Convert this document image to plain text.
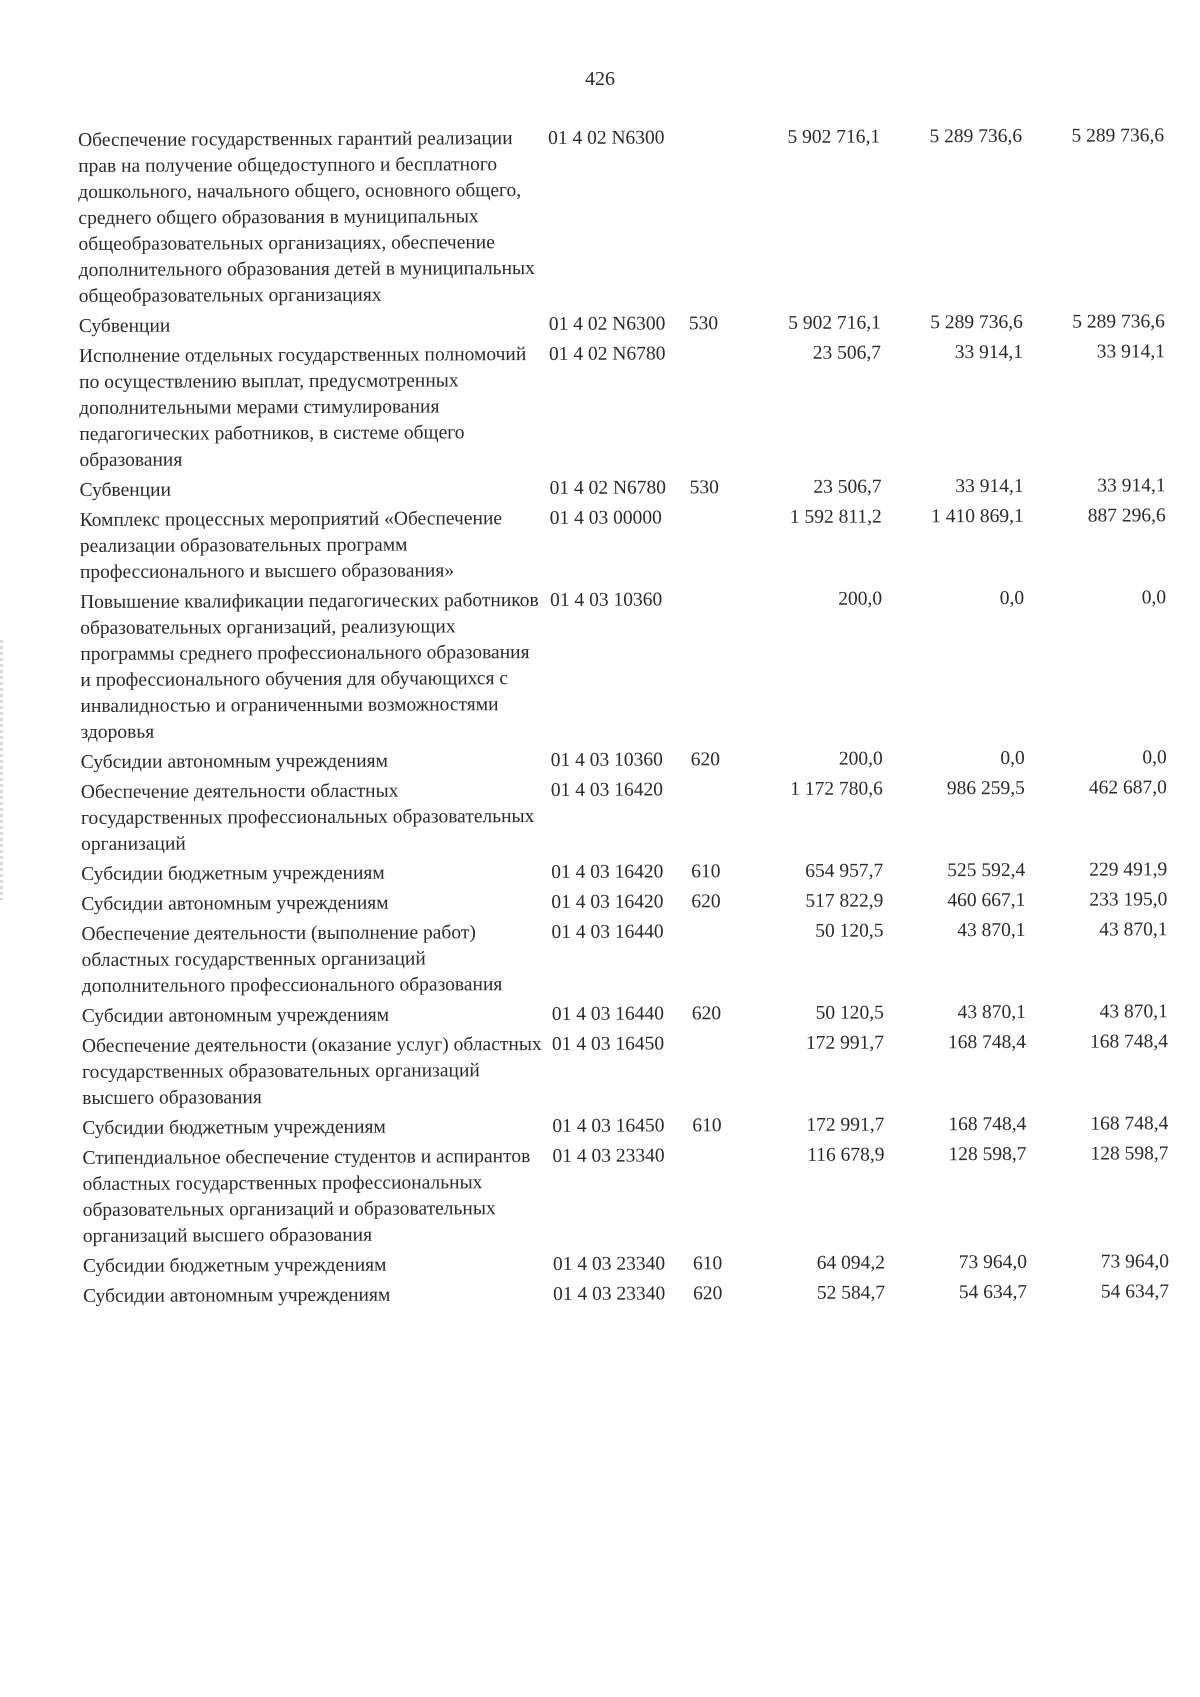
426
Обеспечение государственных гарантий реализации прав на получение общедоступного и бесплатного дошкольного, начального общего, основного общего, среднего общего образования в муниципальных общеобразовательных организациях, обеспечение дополнительного образования детей в муниципальных общеобразовательных организациях	01 4 02 N6300		5 902 716,1	5 289 736,6	5 289 736,6
Субвенции	01 4 02 N6300	530	5 902 716,1	5 289 736,6	5 289 736,6
Исполнение отдельных государственных полномочий по осуществлению выплат, предусмотренных дополнительными мерами стимулирования педагогических работников, в системе общего образования	01 4 02 N6780		23 506,7	33 914,1	33 914,1
Субвенции	01 4 02 N6780	530	23 506,7	33 914,1	33 914,1
Комплекс процессных мероприятий «Обеспечение реализации образовательных программ профессионального и высшего образования»	01 4 03 00000		1 592 811,2	1 410 869,1	887 296,6
Повышение квалификации педагогических работников образовательных организаций, реализующих программы среднего профессионального образования и профессионального обучения для обучающихся с инвалидностью и ограниченными возможностями здоровья	01 4 03 10360		200,0	0,0	0,0
Субсидии автономным учреждениям	01 4 03 10360	620	200,0	0,0	0,0
Обеспечение деятельности областных государственных профессиональных образовательных организаций	01 4 03 16420		1 172 780,6	986 259,5	462 687,0
Субсидии бюджетным учреждениям	01 4 03 16420	610	654 957,7	525 592,4	229 491,9
Субсидии автономным учреждениям	01 4 03 16420	620	517 822,9	460 667,1	233 195,0
Обеспечение деятельности (выполнение работ) областных государственных организаций дополнительного профессионального образования	01 4 03 16440		50 120,5	43 870,1	43 870,1
Субсидии автономным учреждениям	01 4 03 16440	620	50 120,5	43 870,1	43 870,1
Обеспечение деятельности (оказание услуг) областных государственных образовательных организаций высшего образования	01 4 03 16450		172 991,7	168 748,4	168 748,4
Субсидии бюджетным учреждениям	01 4 03 16450	610	172 991,7	168 748,4	168 748,4
Стипендиальное обеспечение студентов и аспирантов областных государственных профессиональных образовательных организаций и образовательных организаций высшего образования	01 4 03 23340		116 678,9	128 598,7	128 598,7
Субсидии бюджетным учреждениям	01 4 03 23340	610	64 094,2	73 964,0	73 964,0
Субсидии автономным учреждениям	01 4 03 23340	620	52 584,7	54 634,7	54 634,7
